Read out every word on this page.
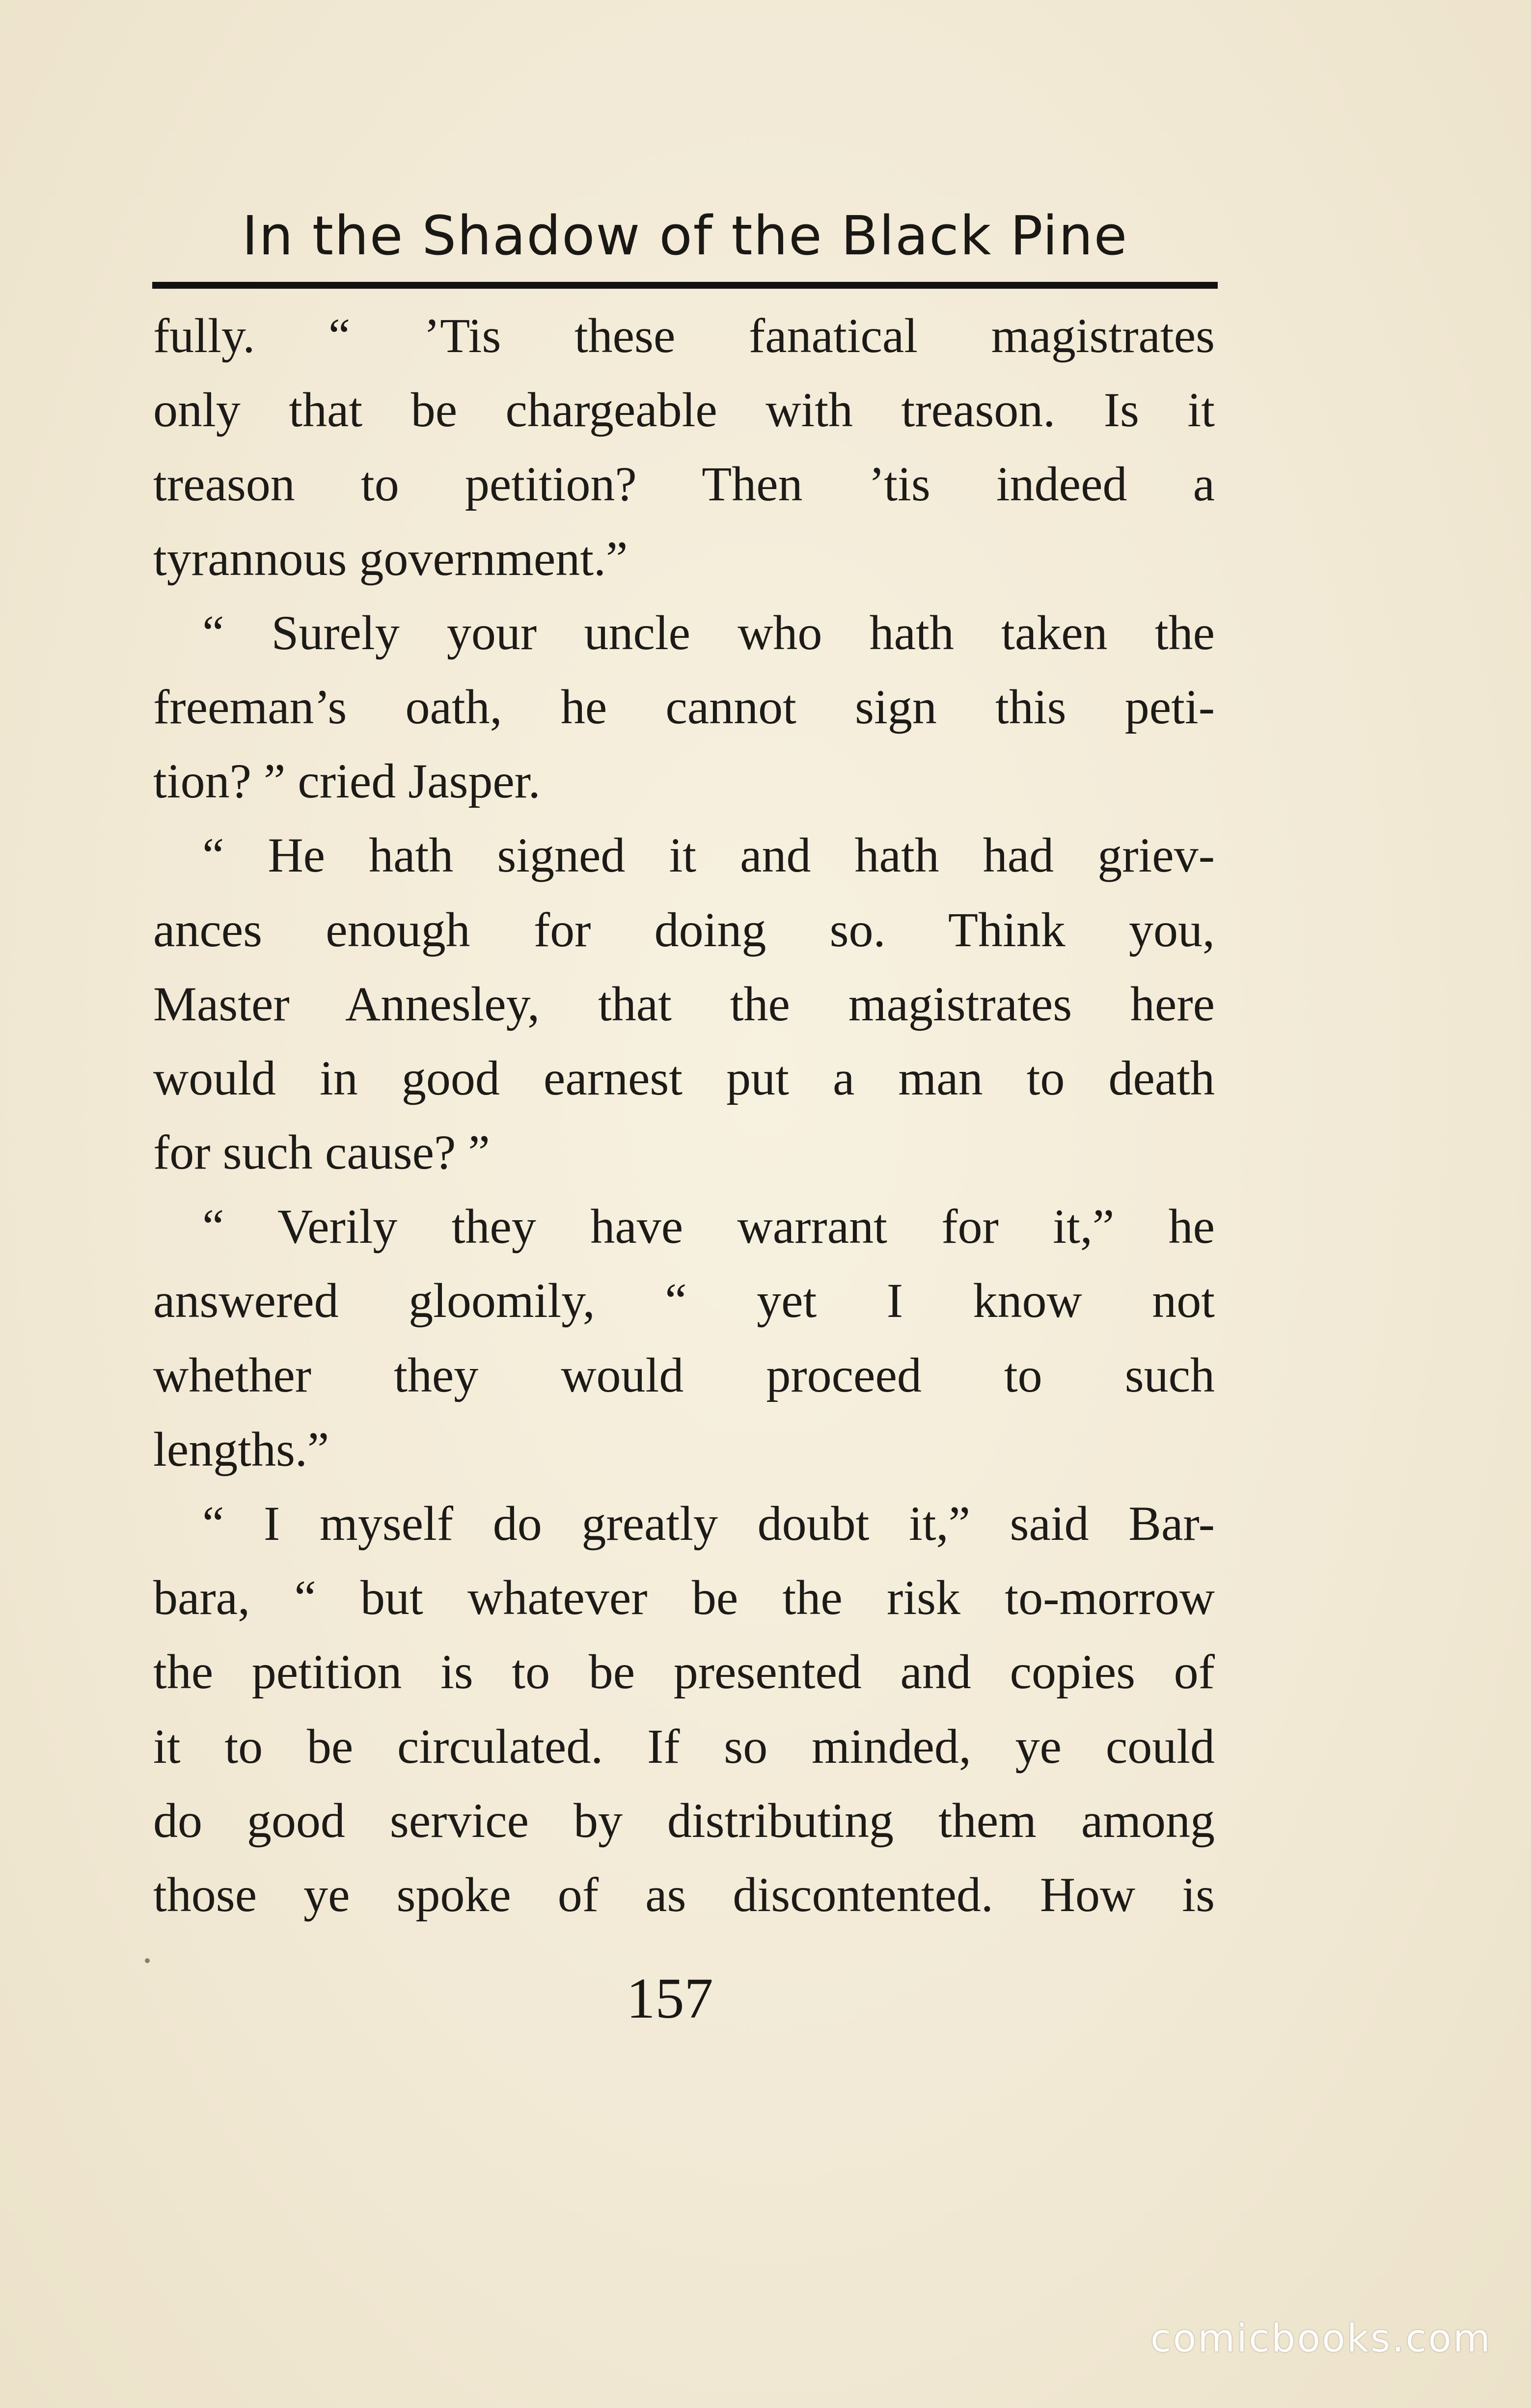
In the Shadow of the Black Pine
fully. “ ’Tis these fanatical magistrates
only that be chargeable with treason. Is it
treason to petition? Then ’tis indeed a
tyrannous government.”
“ Surely your uncle who hath taken the
freeman’s oath, he cannot sign this peti-
tion? ” cried Jasper.
“ He hath signed it and hath had griev-
ances enough for doing so. Think you,
Master Annesley, that the magistrates here
would in good earnest put a man to death
for such cause? ”
“ Verily they have warrant for it,” he
answered gloomily, “ yet I know not
whether they would proceed to such
lengths.”
“ I myself do greatly doubt it,” said Bar-
bara, “ but whatever be the risk to-morrow
the petition is to be presented and copies of
it to be circulated. If so minded, ye could
do good service by distributing them among
those ye spoke of as discontented. How is
157
comicbooks.com
